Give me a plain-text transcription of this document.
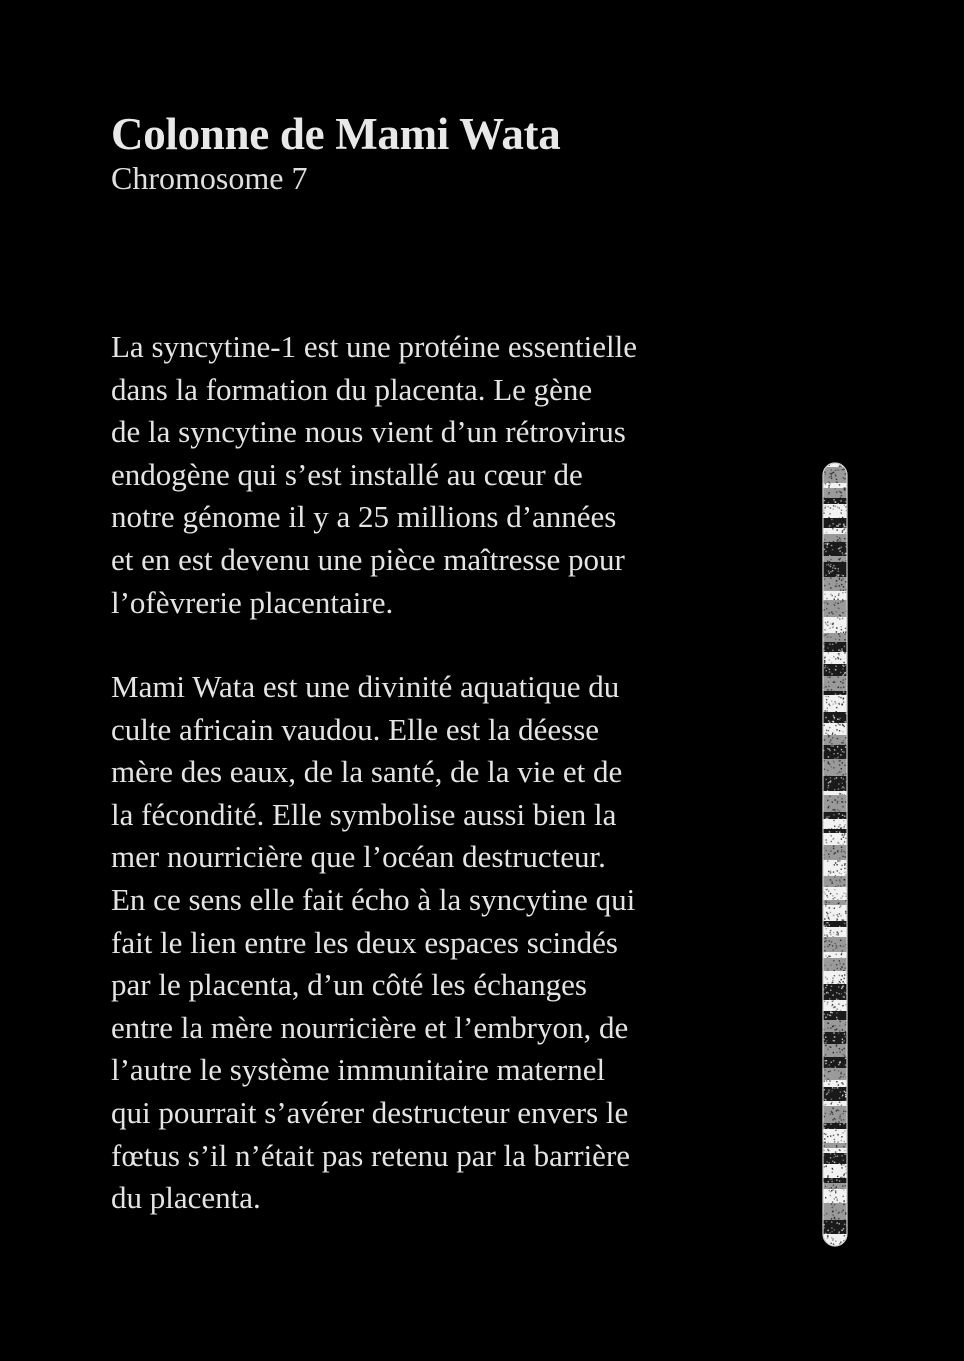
Colonne de Mami Wata

Chromosome 7

La syncytine-1 est une protéine essentielle
dans la formation du placenta. Le gène
de la syncytine nous vient d’un rétrovirus
endogène qui s’est installé au cœur de
notre génome il y a 25 millions d’années
et en est devenu une pièce maîtresse pour
l’ofèvrerie placentaire.

Mami Wata est une divinité aquatique du
culte africain vaudou. Elle est la déesse
mère des eaux, de la santé, de la vie et de
la fécondité. Elle symbolise aussi bien la
mer nourricière que l’océan destructeur.
En ce sens elle fait écho à la syncytine qui
fait le lien entre les deux espaces scindés
par le placenta, d’un côté les échanges
entre la mère nourricière et l’embryon, de
l’autre le système immunitaire maternel
qui pourrait s’avérer destructeur envers le
fœtus s’il n’était pas retenu par la barrière
du placenta.
